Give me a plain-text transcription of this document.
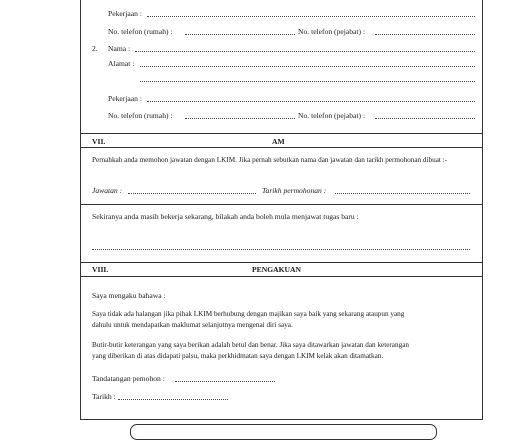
Pekerjaan :
No. telefon (rumah) :	No. telefon (pejabat) :
2. Nama :
Alamat :
Pekerjaan :
No. telefon (rumah) :	No. telefon (pejabat) :
VII.	AM
Pernahkah anda memohon jawatan dengan LKIM. Jika pernah sebutkan nama dan jawatan dan tarikh permohonan dibuat :-
Jawatan :	Tarikh permohonan :
Sekiranya anda masih bekerja sekarang, bilakah anda boleh mula menjawat tugas baru :
VIII.	PENGAKUAN
Saya mengaku bahawa :
Saya tidak ada halangan jika pihak LKIM berhubung dengan majikan saya baik yang sekarang ataupun yang
dahulu untuk mendapatkan maklumat selanjutnya mengenai diri saya.
Butir-butir keterangan yang saya berikan adalah betul dan benar. Jika saya ditawarkan jawatan dan keterangan
yang diberikan di atas didapati palsu, maka perkhidmatan saya dengan LKIM kelak akan ditamatkan.
Tandatangan pemohon :
Tarikh :
